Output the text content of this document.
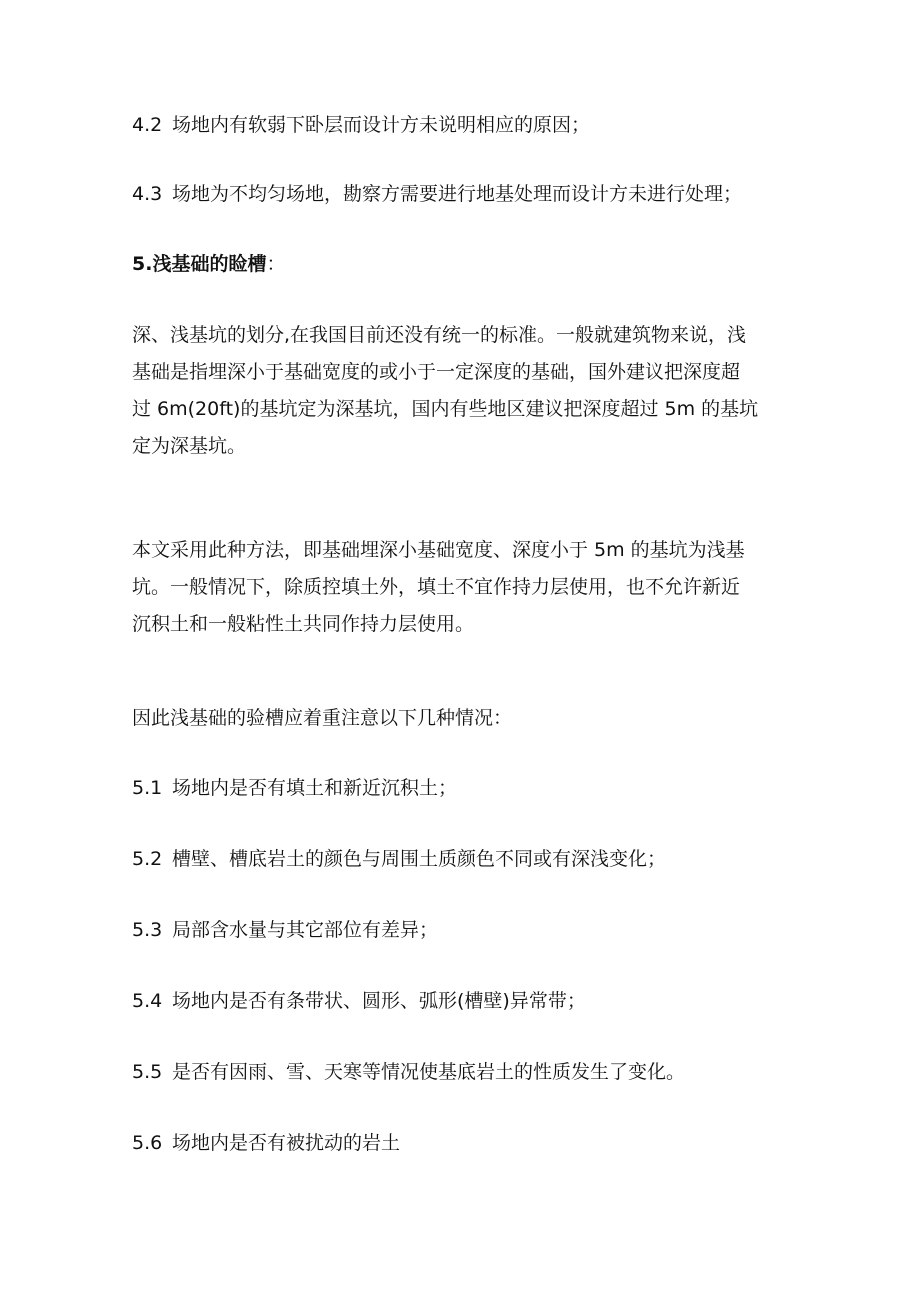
4.2 场地内有软弱下卧层而设计方未说明相应的原因；
4.3 场地为不均匀场地，勘察方需要进行地基处理而设计方未进行处理；
5.浅基础的睑槽：

深、浅基坑的划分,在我国目前还没有统一的标准。一般就建筑物来说，浅

基础是指埋深小于基础宽度的或小于一定深度的基础，国外建议把深度超

过 6m(20ft)的基坑定为深基坑，国内有些地区建议把深度超过 5m 的基坑

定为深基坑。

本文采用此种方法，即基础埋深小基础宽度、深度小于 5m 的基坑为浅基

坑。一般情况下，除质控填土外，填土不宜作持力层使用，也不允许新近

沉积土和一般粘性土共同作持力层使用。

因此浅基础的验槽应着重注意以下几种情况：
5.1 场地内是否有填土和新近沉积土；
5.2 槽壁、槽底岩土的颜色与周围土质颜色不同或有深浅变化；
5.3 局部含水量与其它部位有差异；
5.4 场地内是否有条带状、圆形、弧形(槽壁)异常带；
5.5 是否有因雨、雪、天寒等情况使基底岩土的性质发生了变化。
5.6 场地内是否有被扰动的岩土
